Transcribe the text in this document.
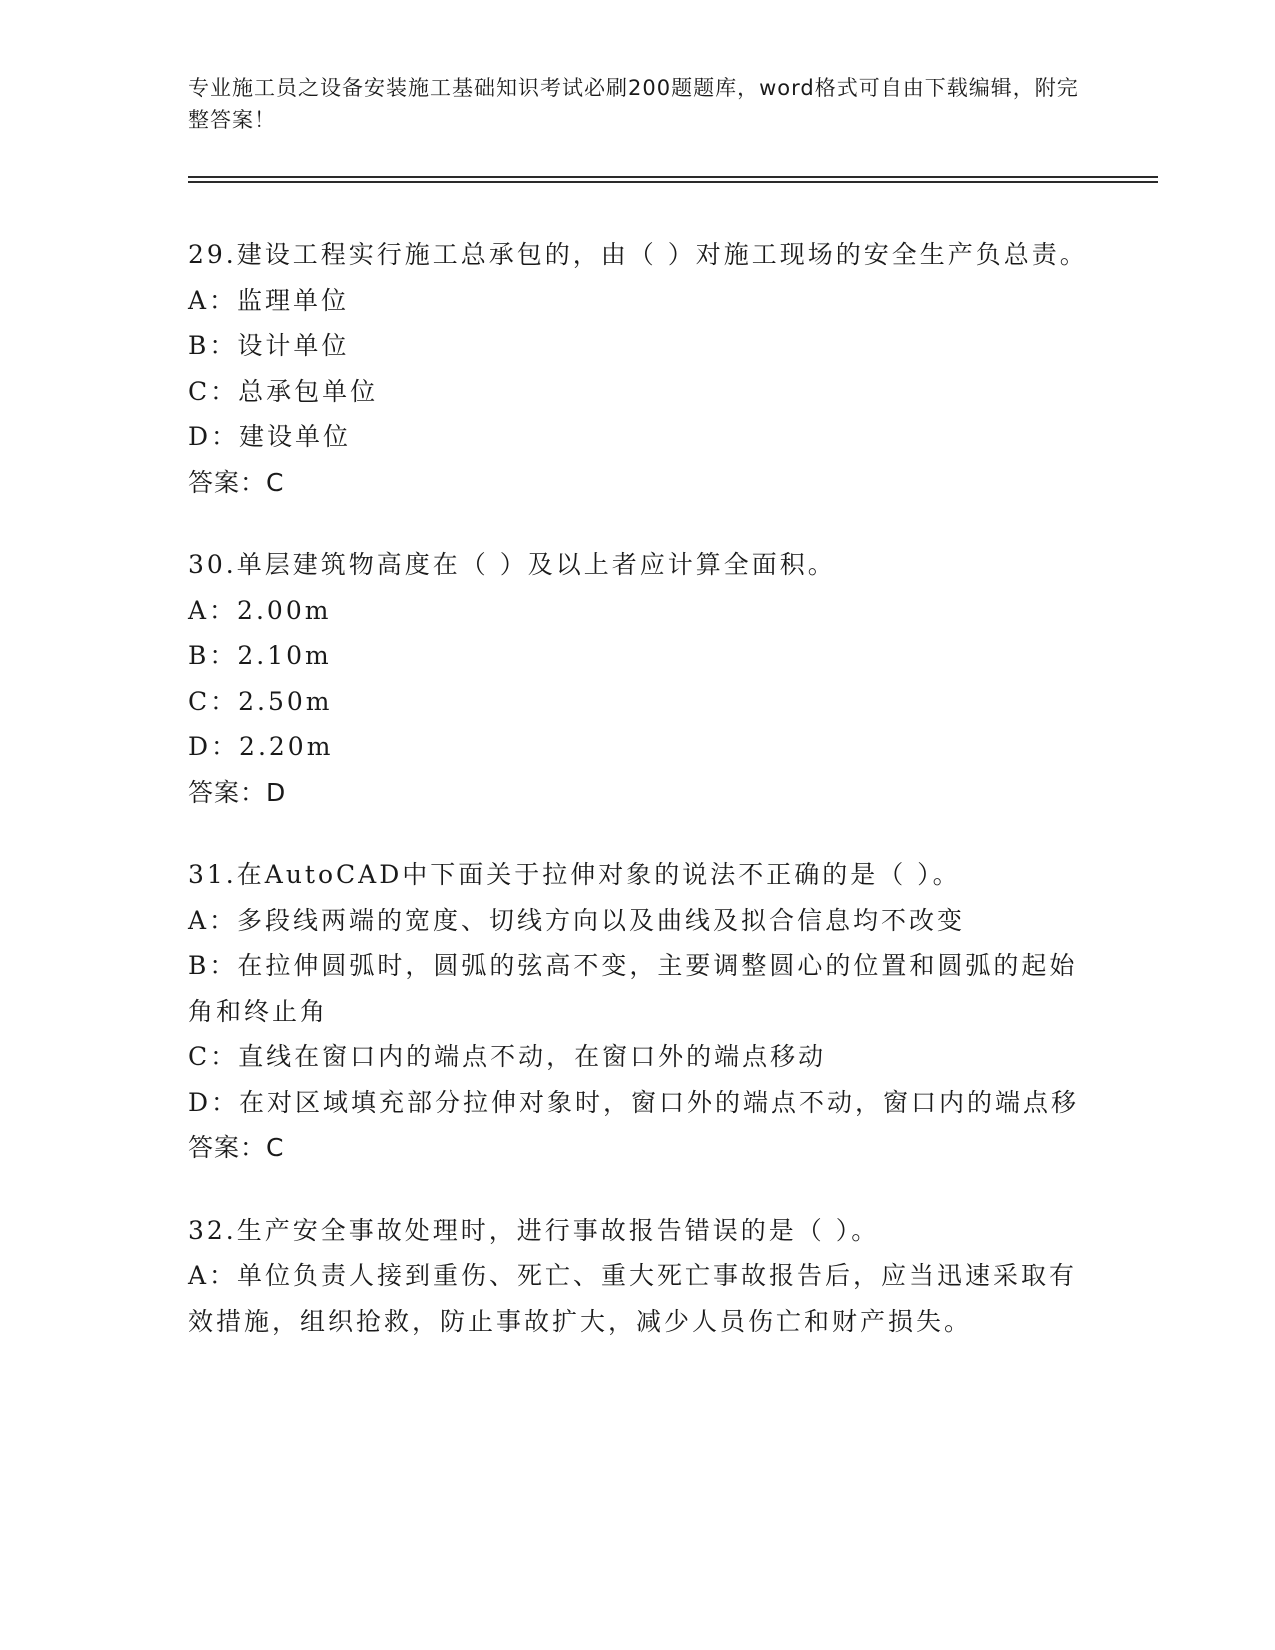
专业施工员之设备安装施工基础知识考试必刷200题题库，word格式可自由下载编辑，附完整答案！
29.建设工程实行施工总承包的，由（ ）对施工现场的安全生产负总责。
A：监理单位
B：设计单位
C：总承包单位
D：建设单位
答案：C
30.单层建筑物高度在（ ）及以上者应计算全面积。
A：2.00m
B：2.10m
C：2.50m
D：2.20m
答案：D
31.在AutoCAD中下面关于拉伸对象的说法不正确的是（ ）。
A：多段线两端的宽度、切线方向以及曲线及拟合信息均不改变
B：在拉伸圆弧时，圆弧的弦高不变，主要调整圆心的位置和圆弧的起始角和终止角
C：直线在窗口内的端点不动，在窗口外的端点移动
D：在对区域填充部分拉伸对象时，窗口外的端点不动，窗口内的端点移
答案：C
32.生产安全事故处理时，进行事故报告错误的是（ ）。
A：单位负责人接到重伤、死亡、重大死亡事故报告后，应当迅速采取有效措施，组织抢救，防止事故扩大，减少人员伤亡和财产损失。
